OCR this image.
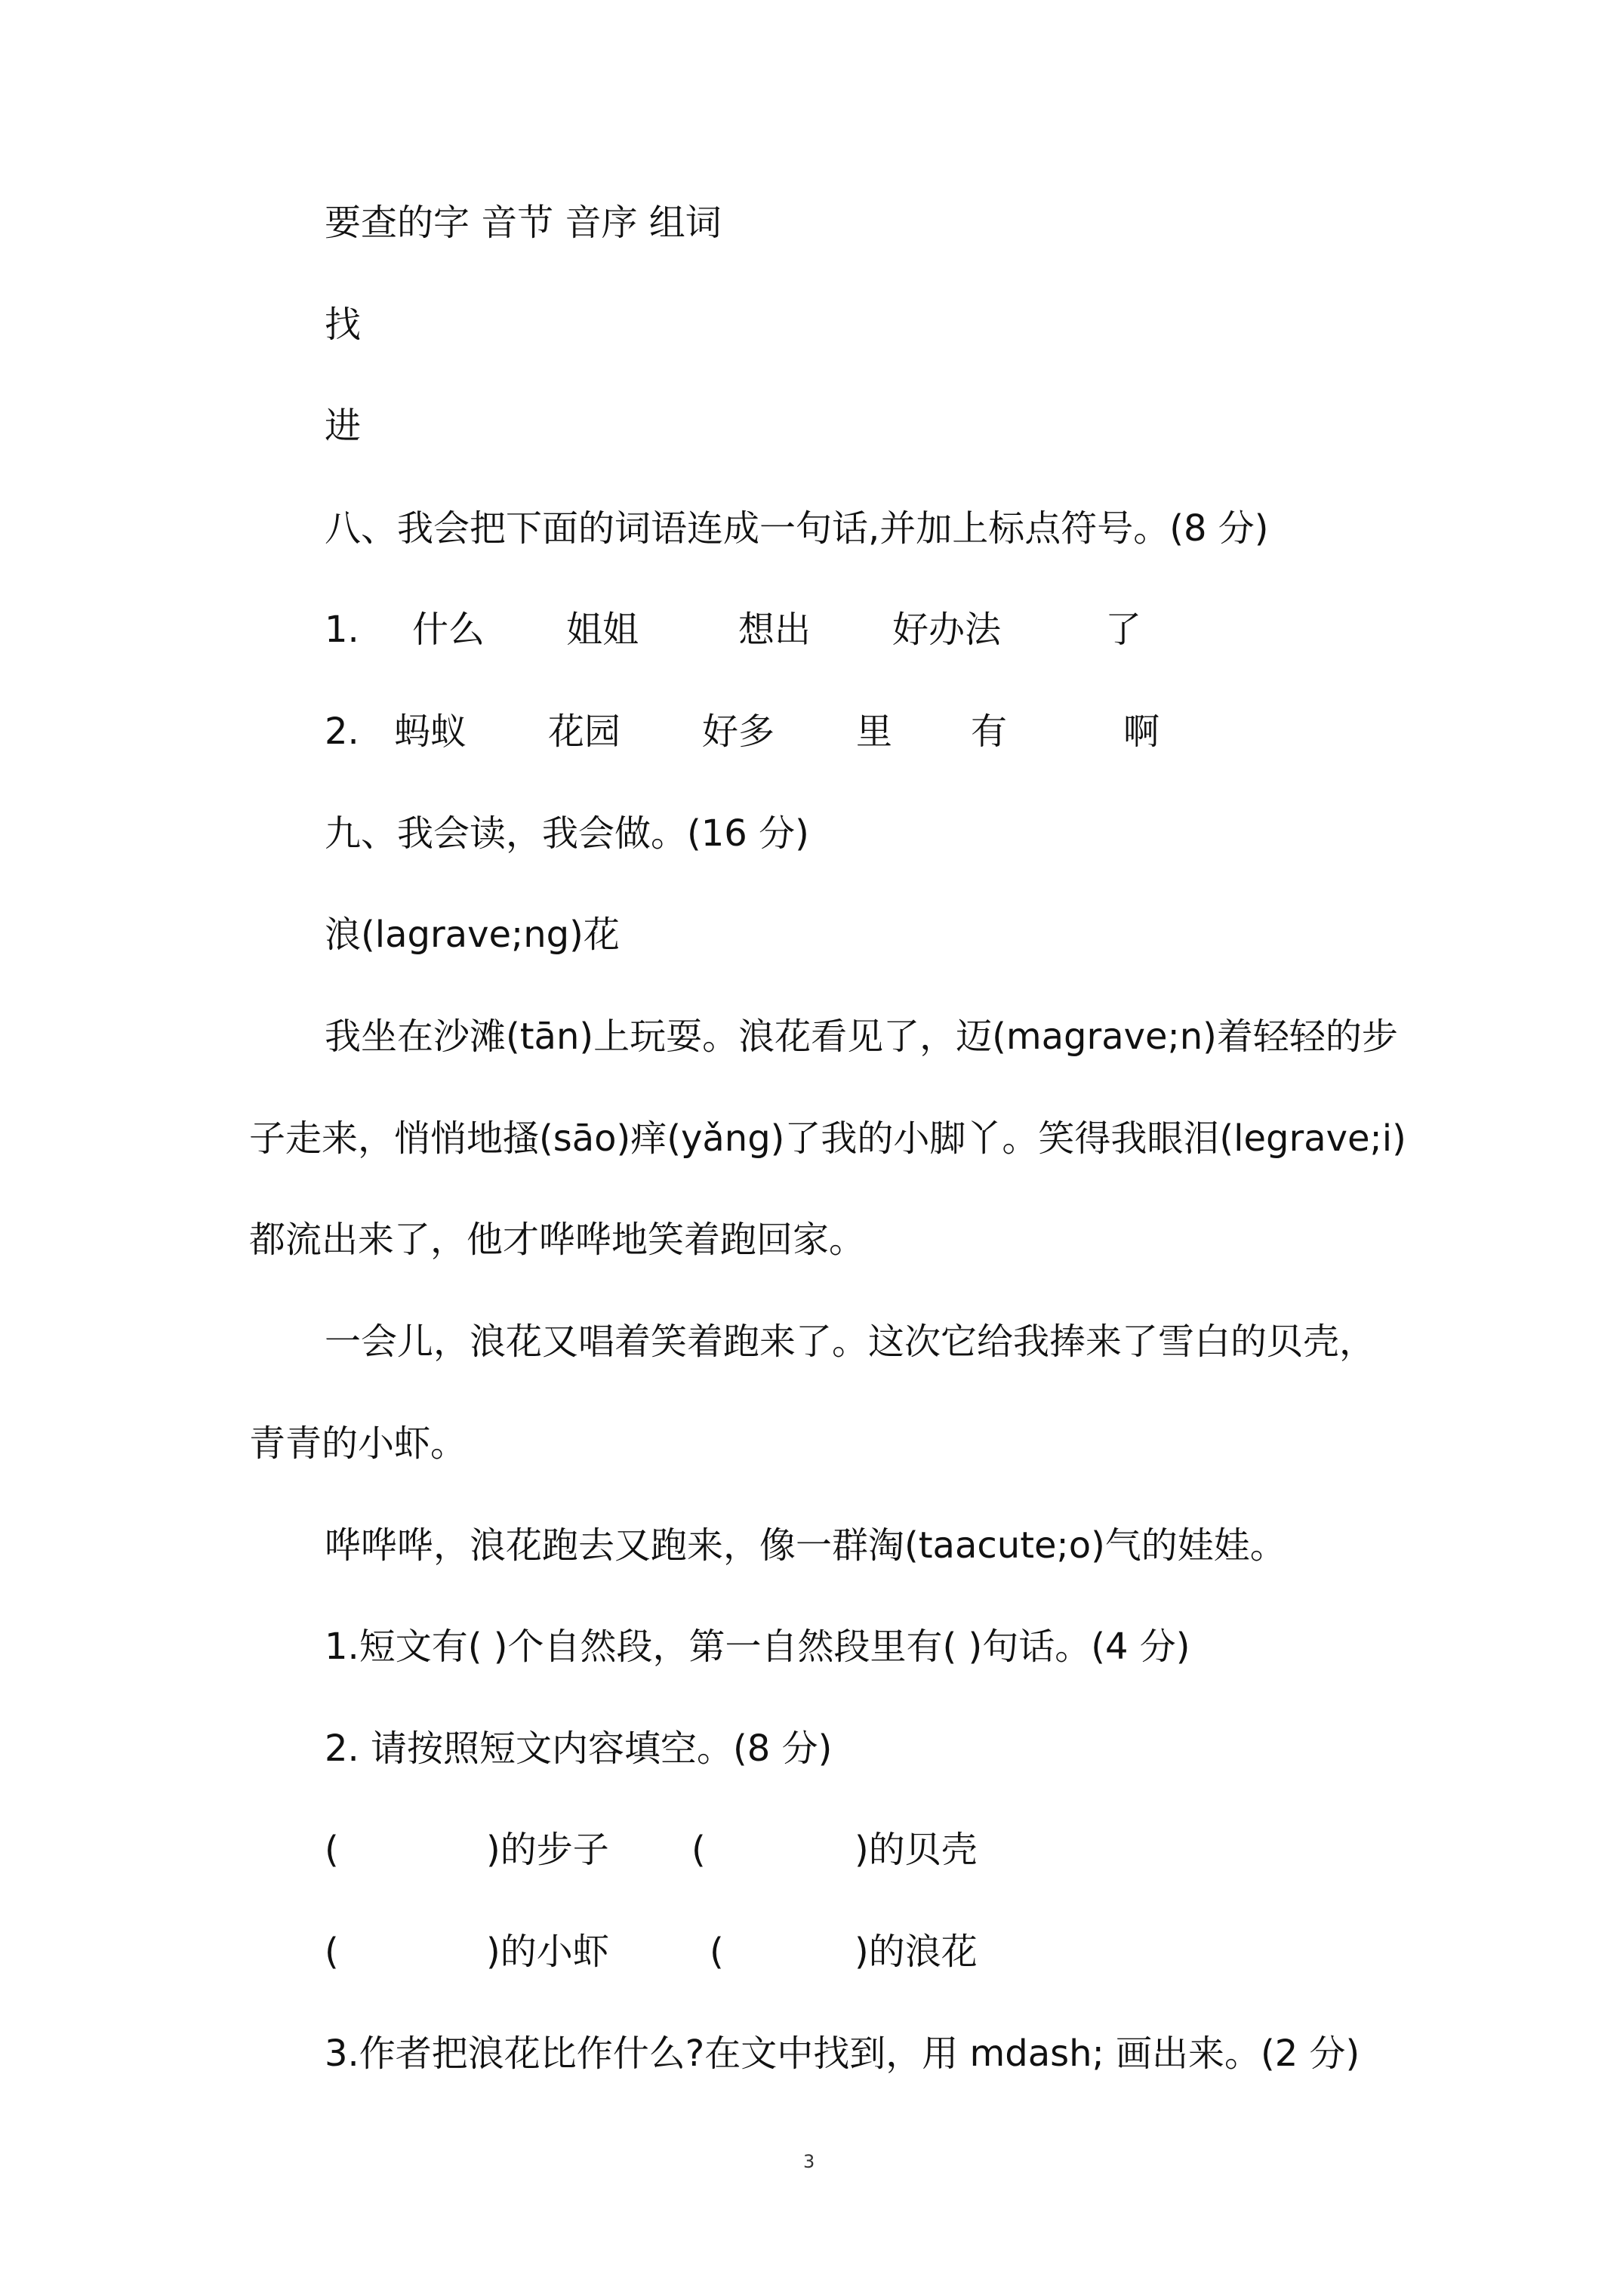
要查的字 音节 音序 组词
找
进
八、我会把下面的词语连成一句话,并加上标点符号。(8 分)
1. 什么 姐姐	想出 好办法	了
2. 蚂蚁 花园 好多 里 有	啊
九、我会读，我会做。(16 分)
浪(lagrave;ng)花
我坐在沙滩(tān)上玩耍。浪花看见了，迈(magrave;n)着轻轻的步
子走来，悄悄地搔(sāo)痒(yǎng)了我的小脚丫。笑得我眼泪(legrave;i)
都流出来了，他才哗哗地笑着跑回家。
一会儿，浪花又唱着笑着跑来了。这次它给我捧来了雪白的贝壳，
青青的小虾。
哗哗哗，浪花跑去又跑来，像一群淘(taacute;o)气的娃娃。
1.短文有( )个自然段，第一自然段里有( )句话。(4 分)
2. 请按照短文内容填空。(8 分)
(	)的步子 (	)的贝壳
(	)的小虾	(	)的浪花
3.作者把浪花比作什么?在文中找到，用 mdash; 画出来。(2 分)
3
